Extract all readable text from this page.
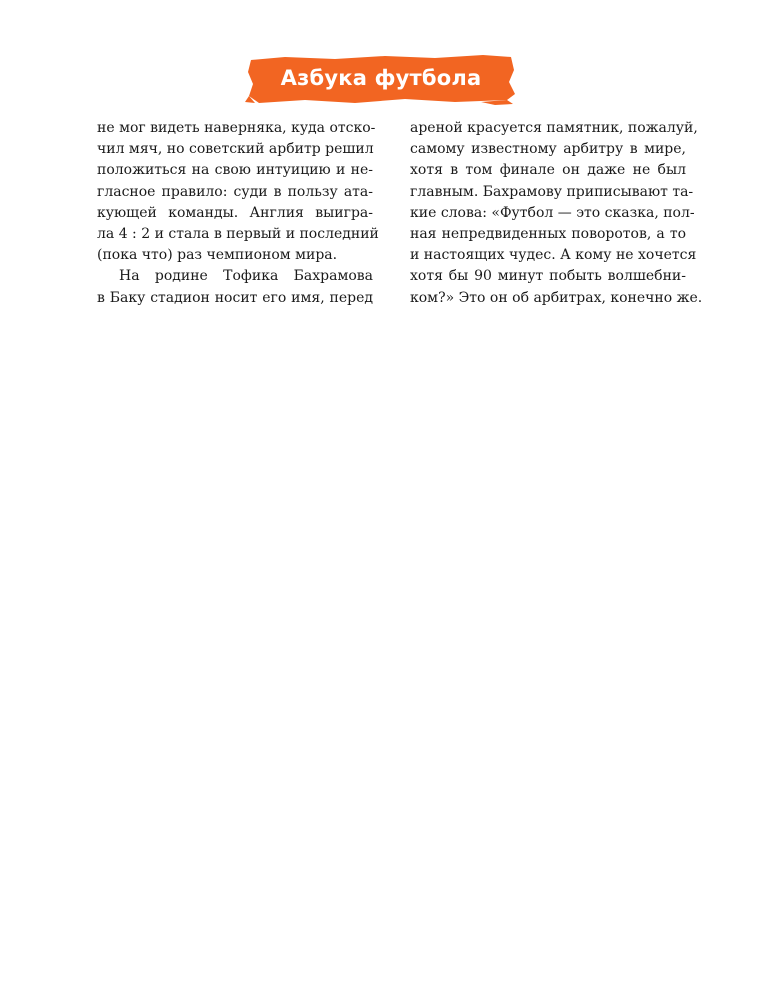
Азбука футбола
не мог видеть наверняка, куда отско-
чил мяч, но советский арбитр решил
положиться на свою интуицию и не-
гласное правило: суди в пользу ата-
кующей команды. Англия выигра-
ла 4 : 2 и стала в первый и последний
(пока что) раз чемпионом мира.
На родине Тофика Бахрамова
в Баку стадион носит его имя, перед
ареной красуется памятник, пожалуй,
самому известному арбитру в мире,
хотя в том финале он даже не был
главным. Бахрамову приписывают та-
кие слова: «Футбол — это сказка, пол-
ная непредвиденных поворотов, а то
и настоящих чудес. А кому не хочется
хотя бы 90 минут побыть волшебни-
ком?» Это он об арбитрах, конечно же.
